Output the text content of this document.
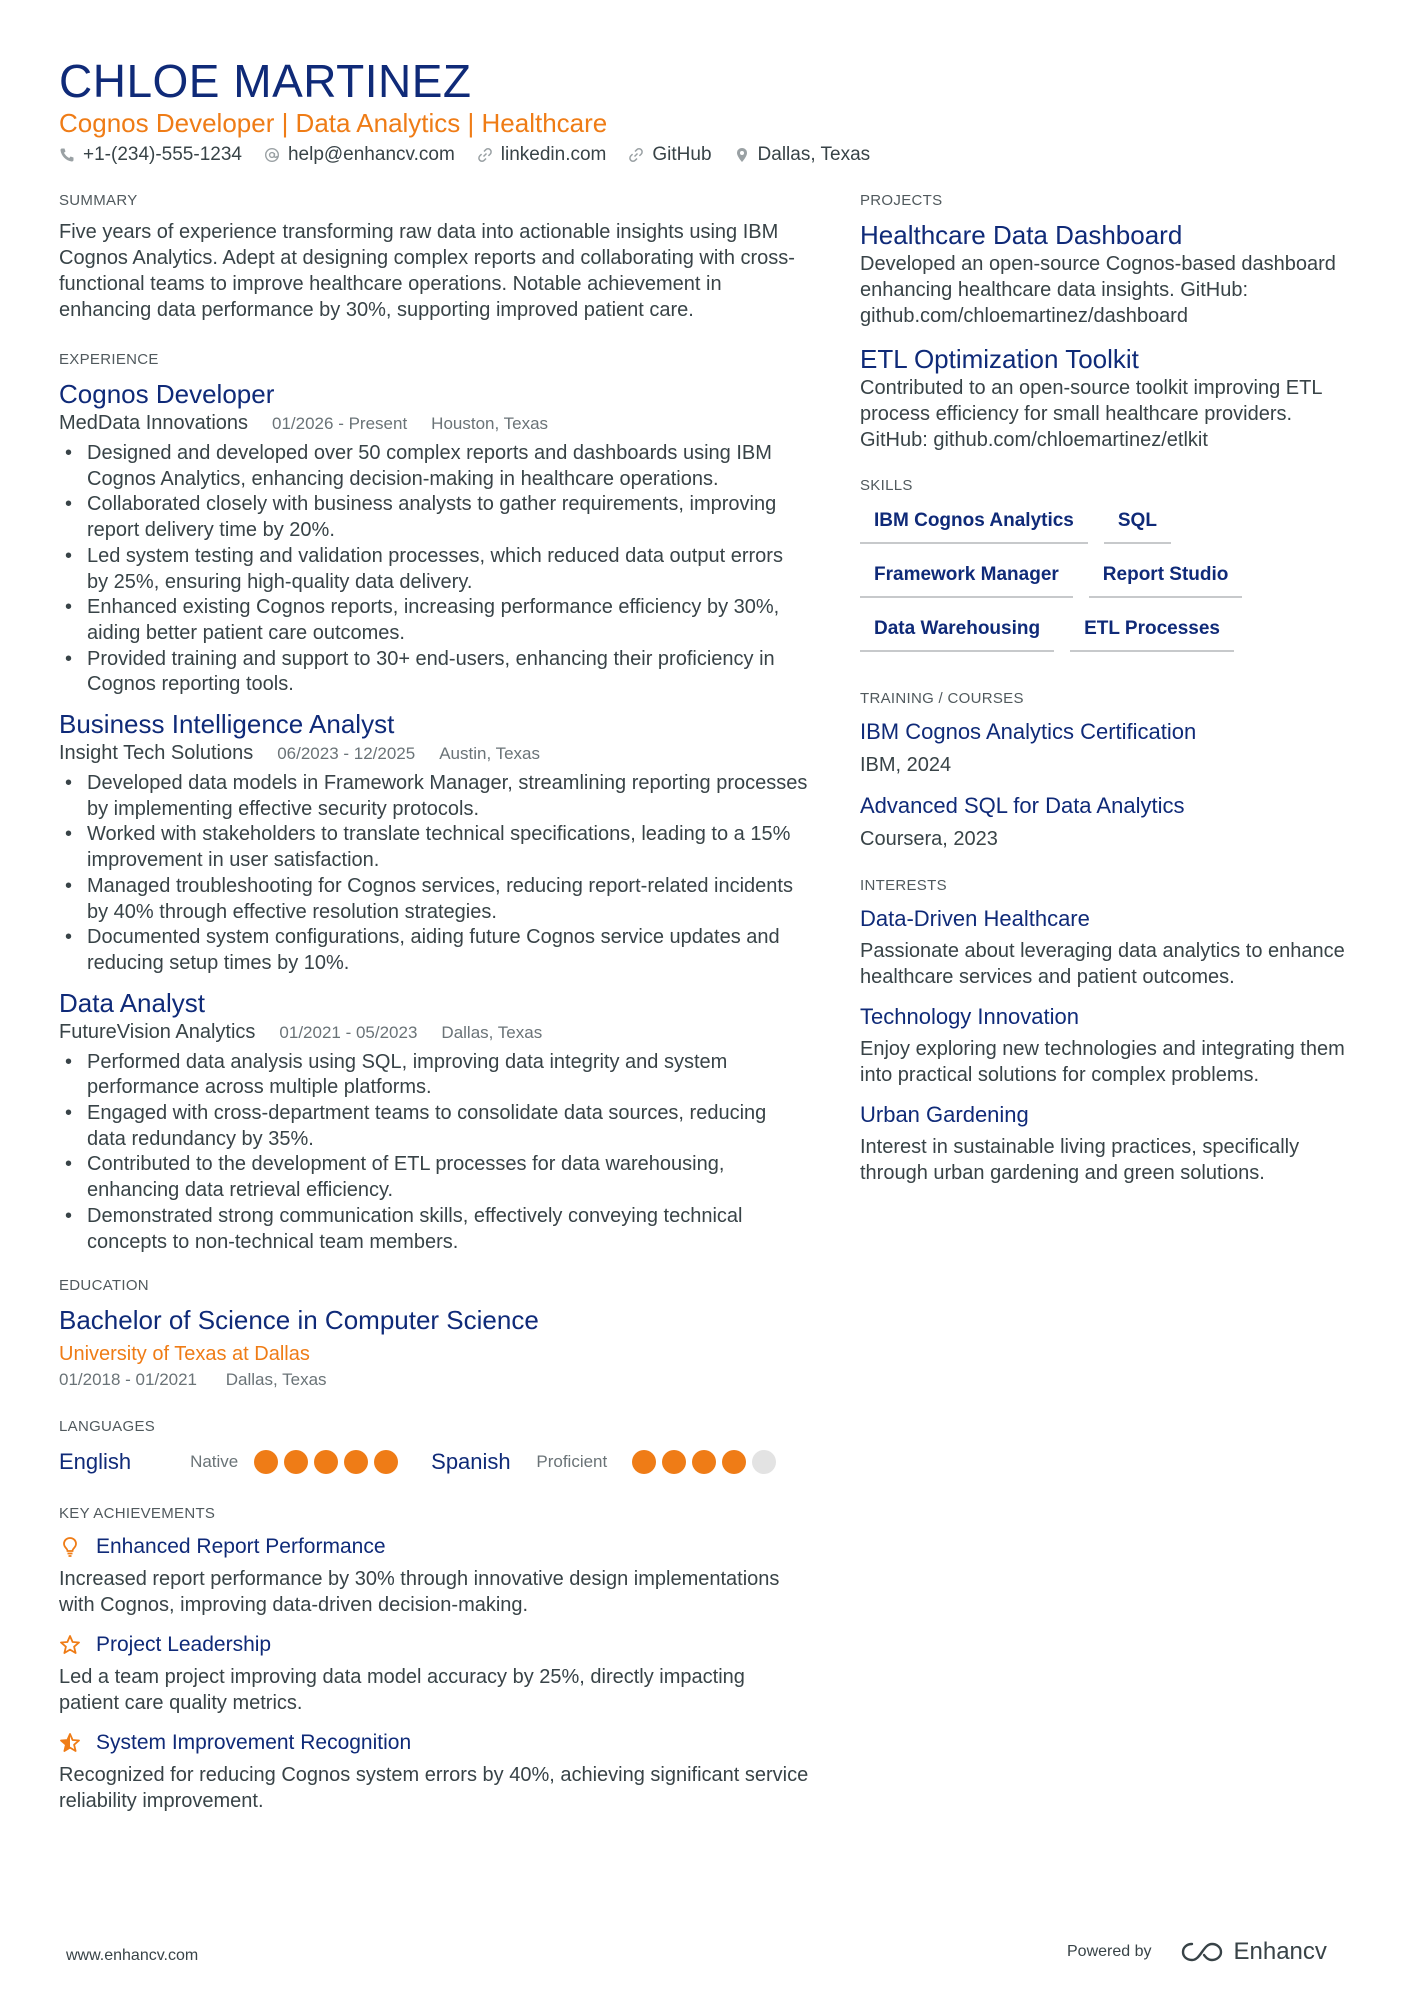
CHLOE MARTINEZ
Cognos Developer | Data Analytics | Healthcare
+1-(234)-555-1234 help@enhancv.com linkedin.com GitHub Dallas, Texas
SUMMARY
Five years of experience transforming raw data into actionable insights using IBM Cognos Analytics. Adept at designing complex reports and collaborating with cross-functional teams to improve healthcare operations. Notable achievement in enhancing data performance by 30%, supporting improved patient care.
EXPERIENCE
Cognos Developer
MedData Innovations 01/2026 - Present Houston, Texas
• Designed and developed over 50 complex reports and dashboards using IBM Cognos Analytics, enhancing decision-making in healthcare operations.
• Collaborated closely with business analysts to gather requirements, improving report delivery time by 20%.
• Led system testing and validation processes, which reduced data output errors by 25%, ensuring high-quality data delivery.
• Enhanced existing Cognos reports, increasing performance efficiency by 30%, aiding better patient care outcomes.
• Provided training and support to 30+ end-users, enhancing their proficiency in Cognos reporting tools.
Business Intelligence Analyst
Insight Tech Solutions 06/2023 - 12/2025 Austin, Texas
• Developed data models in Framework Manager, streamlining reporting processes by implementing effective security protocols.
• Worked with stakeholders to translate technical specifications, leading to a 15% improvement in user satisfaction.
• Managed troubleshooting for Cognos services, reducing report-related incidents by 40% through effective resolution strategies.
• Documented system configurations, aiding future Cognos service updates and reducing setup times by 10%.
Data Analyst
FutureVision Analytics 01/2021 - 05/2023 Dallas, Texas
• Performed data analysis using SQL, improving data integrity and system performance across multiple platforms.
• Engaged with cross-department teams to consolidate data sources, reducing data redundancy by 35%.
• Contributed to the development of ETL processes for data warehousing, enhancing data retrieval efficiency.
• Demonstrated strong communication skills, effectively conveying technical concepts to non-technical team members.
EDUCATION
Bachelor of Science in Computer Science
University of Texas at Dallas
01/2018 - 01/2021 Dallas, Texas
LANGUAGES
English	Native	Spanish	Proficient
KEY ACHIEVEMENTS
Enhanced Report Performance
Increased report performance by 30% through innovative design implementations with Cognos, improving data-driven decision-making.
Project Leadership
Led a team project improving data model accuracy by 25%, directly impacting patient care quality metrics.
System Improvement Recognition
Recognized for reducing Cognos system errors by 40%, achieving significant service reliability improvement.
PROJECTS
Healthcare Data Dashboard
Developed an open-source Cognos-based dashboard enhancing healthcare data insights. GitHub: github.com/chloemartinez/dashboard
ETL Optimization Toolkit
Contributed to an open-source toolkit improving ETL process efficiency for small healthcare providers. GitHub: github.com/chloemartinez/etlkit
SKILLS
IBM Cognos Analytics	SQL
Framework Manager	Report Studio
Data Warehousing	ETL Processes
TRAINING / COURSES
IBM Cognos Analytics Certification
IBM, 2024
Advanced SQL for Data Analytics
Coursera, 2023
INTERESTS
Data-Driven Healthcare
Passionate about leveraging data analytics to enhance healthcare services and patient outcomes.
Technology Innovation
Enjoy exploring new technologies and integrating them into practical solutions for complex problems.
Urban Gardening
Interest in sustainable living practices, specifically through urban gardening and green solutions.
www.enhancv.com	Powered by	Enhancv
